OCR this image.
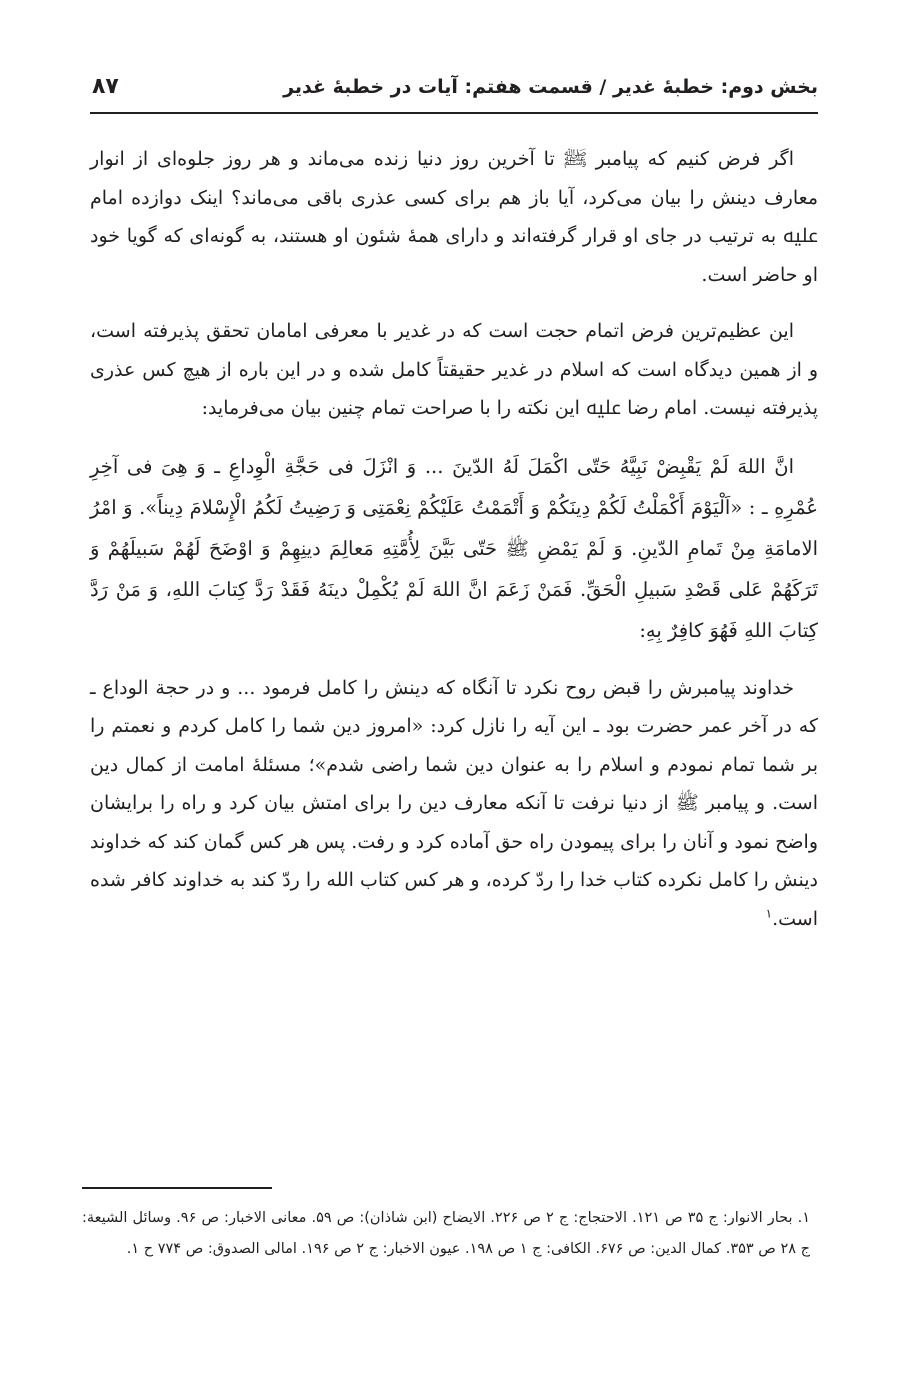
بخش دوم: خطبهٔ غدیر / قسمت هفتم: آیات در خطبهٔ غدیر
۸۷

اگر فرض کنیم که پیامبر ﷺ تا آخرین روز دنیا زنده می‌ماند و هر روز جلوه‌ای از انوار معارف دینش را بیان می‌کرد، آیا باز هم برای کسی عذری باقی می‌ماند؟ اینک دوازده امام ﷷ به ترتیب در جای او قرار گرفته‌اند و دارای همهٔ شئون او هستند، به گونه‌ای که گویا خود او حاضر است.

این عظیم‌ترین فرض اتمام حجت است که در غدیر با معرفی امامان تحقق پذیرفته است، و از همین دیدگاه است که اسلام در غدیر حقیقتاً کامل شده و در این باره از هیچ کس عذری پذیرفته نیست. امام رضا ﷷ این نکته را با صراحت تمام چنین بیان می‌فرماید:

انَّ اللهَ لَمْ یَقْبِضْ نَبِیَّهُ حَتّی اکْمَلَ لَهُ الدّینَ ... وَ انْزَلَ فی حَجَّةِ الْوِداعِ ـ وَ هِیَ فی آخِرِ عُمْرِهِ ـ : «اَلْیَوْمَ أَکْمَلْتُ لَکُمْ دِینَکُمْ وَ أَتْمَمْتُ عَلَیْکُمْ نِعْمَتِی وَ رَضِیتُ لَکُمُ الْإِسْلامَ دِیناً». وَ امْرُ الامامَةِ مِنْ تَمامِ الدّینِ. وَ لَمْ یَمْضِ ﷺ حَتّی بَیَّنَ لِأُمَّتِهِ مَعالِمَ دینِهِمْ وَ اوْضَحَ لَهُمْ سَبیلَهُمْ وَ تَرَکَهُمْ عَلی قَصْدِ سَبیلِ الْحَقِّ. فَمَنْ زَعَمَ انَّ اللهَ لَمْ یُکْمِلْ دینَهُ فَقَدْ رَدَّ کِتابَ اللهِ، وَ مَنْ رَدَّ کِتابَ اللهِ فَهُوَ کافِرٌ بِهِ:

خداوند پیامبرش را قبض روح نکرد تا آنگاه که دینش را کامل فرمود ... و در حجة الوداع ـ که در آخر عمر حضرت بود ـ این آیه را نازل کرد: «امروز دین شما را کامل کردم و نعمتم را بر شما تمام نمودم و اسلام را به عنوان دین شما راضی شدم»؛ مسئلهٔ امامت از کمال دین است. و پیامبر ﷺ از دنیا نرفت تا آنکه معارف دین را برای امتش بیان کرد و راه را برایشان واضح نمود و آنان را برای پیمودن راه حق آماده کرد و رفت. پس هر کس گمان کند که خداوند دینش را کامل نکرده کتاب خدا را ردّ کرده، و هر کس کتاب الله را ردّ کند به خداوند کافر شده است.$^۱$

۱. بحار الانوار: ج ۳۵ ص ۱۲۱. الاحتجاج: ج ۲ ص ۲۲۶. الایضاح (ابن شاذان): ص ۵۹. معانی الاخبار: ص ۹۶. وسائل الشیعة: ج ۲۸ ص ۳۵۳. کمال الدین: ص ۶۷۶. الکافی: ج ۱ ص ۱۹۸. عیون الاخبار: ج ۲ ص ۱۹۶. امالی الصدوق: ص ۷۷۴ ح ۱.
